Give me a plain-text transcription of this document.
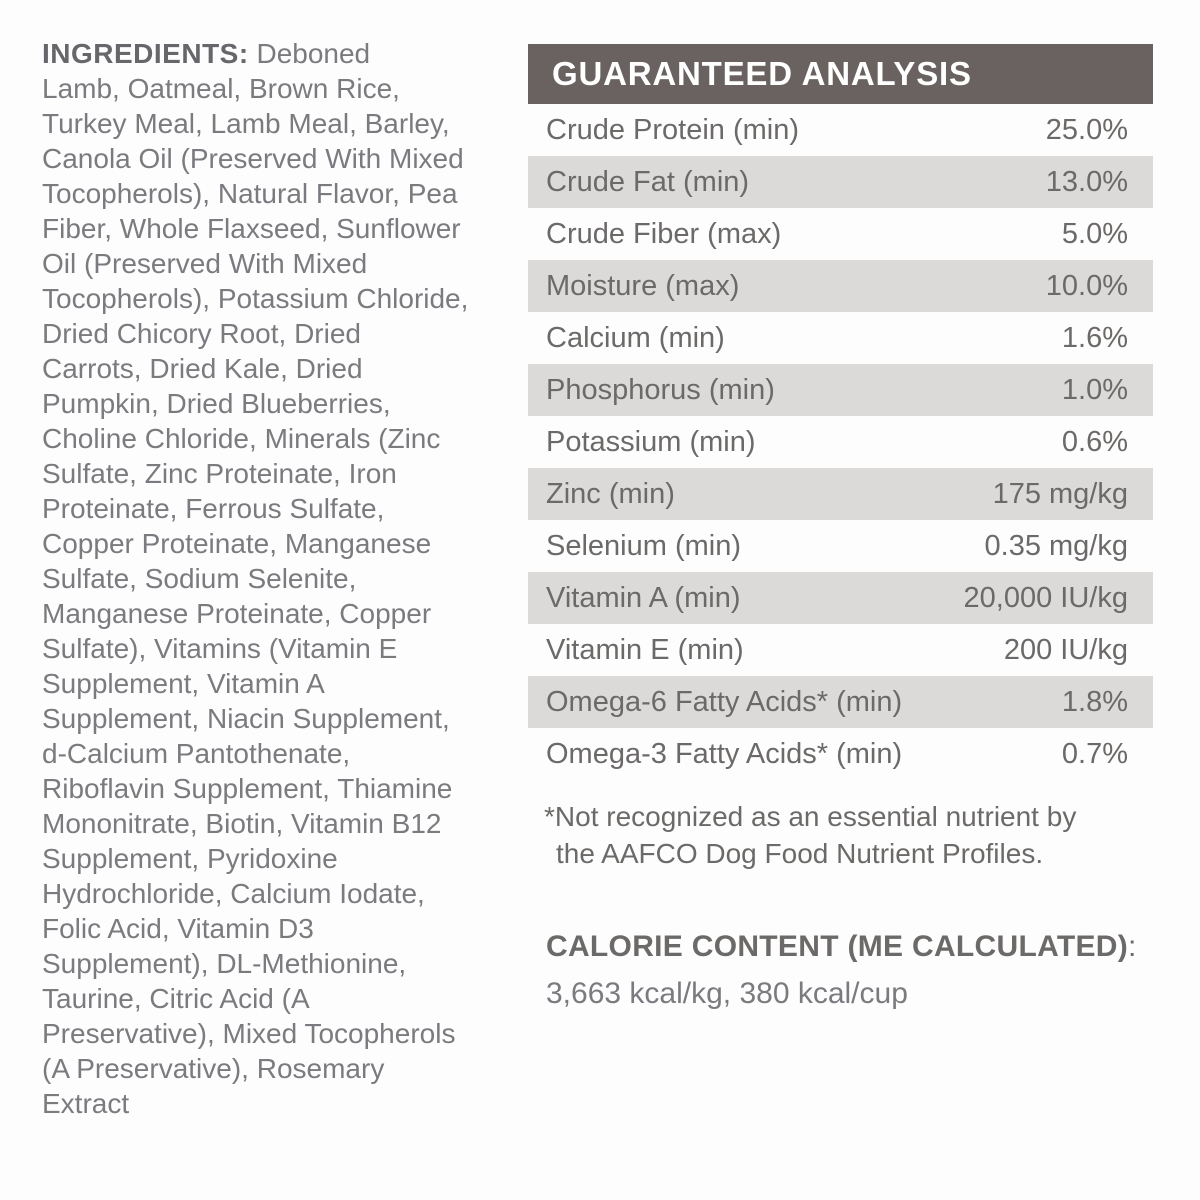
INGREDIENTS: Deboned
Lamb, Oatmeal, Brown Rice,
Turkey Meal, Lamb Meal, Barley,
Canola Oil (Preserved With Mixed
Tocopherols), Natural Flavor, Pea
Fiber, Whole Flaxseed, Sunflower
Oil (Preserved With Mixed
Tocopherols), Potassium Chloride,
Dried Chicory Root, Dried
Carrots, Dried Kale, Dried
Pumpkin, Dried Blueberries,
Choline Chloride, Minerals (Zinc
Sulfate, Zinc Proteinate, Iron
Proteinate, Ferrous Sulfate,
Copper Proteinate, Manganese
Sulfate, Sodium Selenite,
Manganese Proteinate, Copper
Sulfate), Vitamins (Vitamin E
Supplement, Vitamin A
Supplement, Niacin Supplement,
d-Calcium Pantothenate,
Riboflavin Supplement, Thiamine
Mononitrate, Biotin, Vitamin B12
Supplement, Pyridoxine
Hydrochloride, Calcium Iodate,
Folic Acid, Vitamin D3
Supplement), DL-Methionine,
Taurine, Citric Acid (A
Preservative), Mixed Tocopherols
(A Preservative), Rosemary
Extract
GUARANTEED ANALYSIS
Crude Protein (min)	25.0%
Crude Fat (min)	13.0%
Crude Fiber (max)	5.0%
Moisture (max)	10.0%
Calcium (min)	1.6%
Phosphorus (min)	1.0%
Potassium (min)	0.6%
Zinc (min)	175 mg/kg
Selenium (min)	0.35 mg/kg
Vitamin A (min)	20,000 IU/kg
Vitamin E (min)	200 IU/kg
Omega-6 Fatty Acids* (min)	1.8%
Omega-3 Fatty Acids* (min)	0.7%
*Not recognized as an essential nutrient by
the AAFCO Dog Food Nutrient Profiles.
CALORIE CONTENT (ME CALCULATED):
3,663 kcal/kg, 380 kcal/cup
